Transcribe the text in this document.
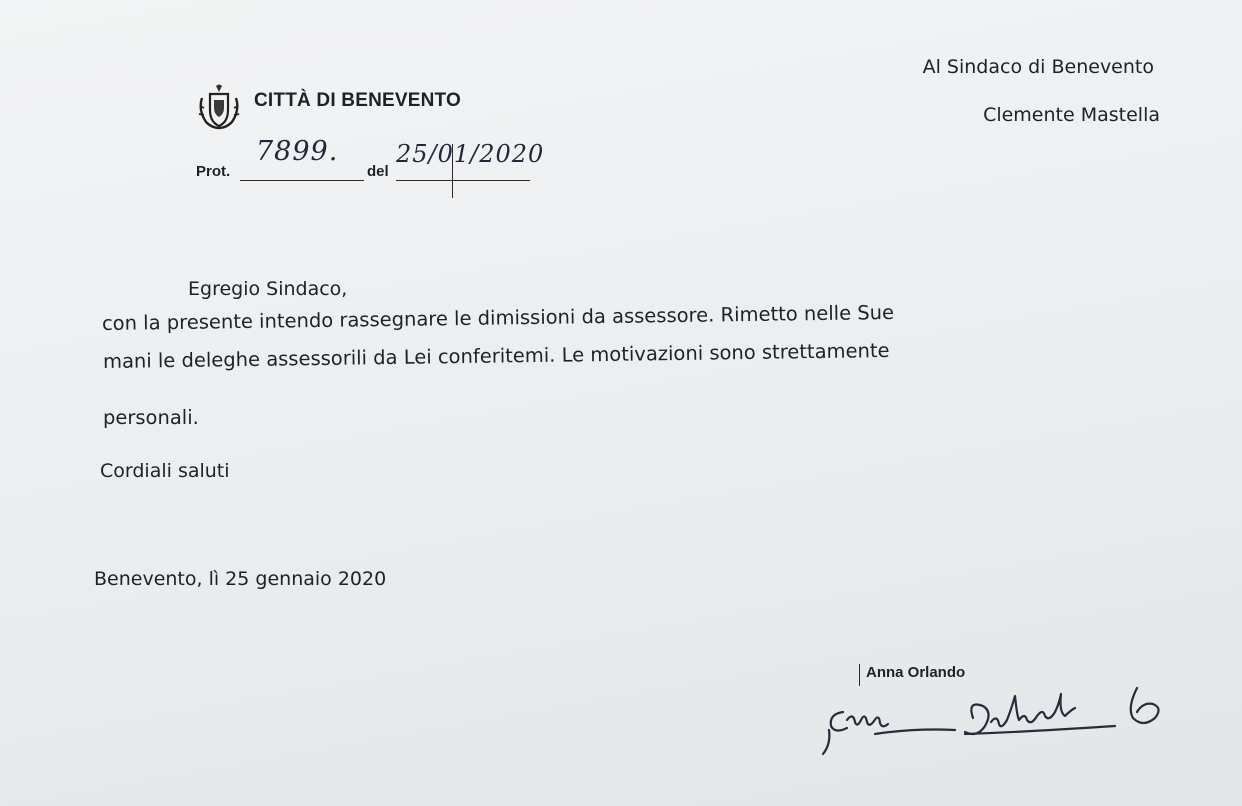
Al Sindaco di Benevento
Clemente Mastella
CITTÀ DI BENEVENTO
Prot.
7899.
del
25/01/2020
Egregio Sindaco,
con la presente intendo rassegnare le dimissioni da assessore. Rimetto nelle Sue
mani le deleghe assessorili da Lei conferitemi. Le motivazioni sono strettamente
personali.
Cordiali saluti
Benevento, lì 25 gennaio 2020
Anna Orlando
